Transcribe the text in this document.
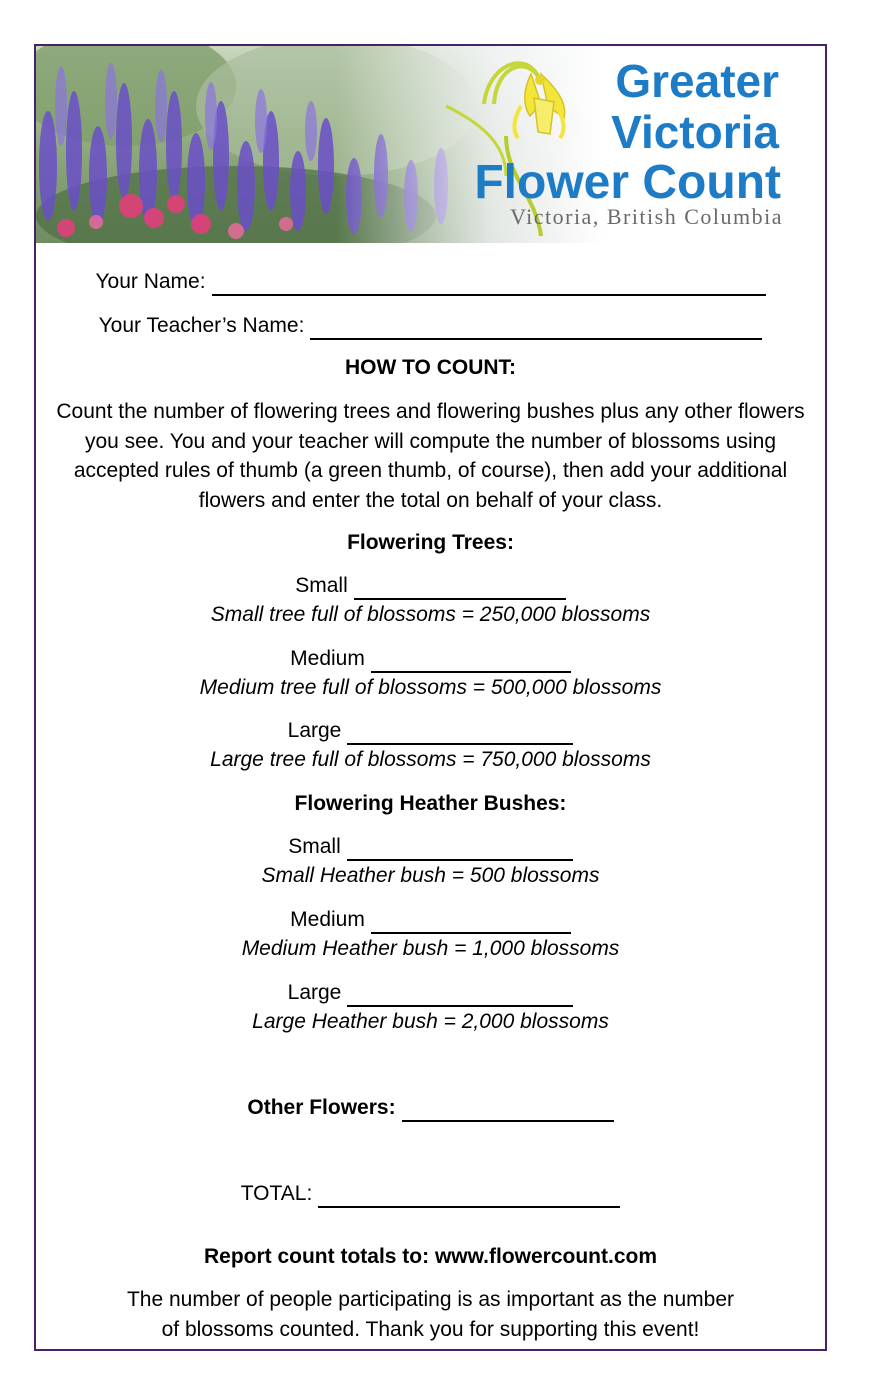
Greater
Victoria
Flower Count
Victoria, British Columbia
Your Name:
Your Teacher’s Name:
HOW TO COUNT:
Count the number of flowering trees and flowering bushes plus any other flowers you see. You and your teacher will compute the number of blossoms using accepted rules of thumb (a green thumb, of course), then add your additional flowers and enter the total on behalf of your class.
Flowering Trees:
Small
Small tree full of blossoms = 250,000 blossoms
Medium
Medium tree full of blossoms = 500,000 blossoms
Large
Large tree full of blossoms = 750,000 blossoms
Flowering Heather Bushes:
Small
Small Heather bush = 500 blossoms
Medium
Medium Heather bush = 1,000 blossoms
Large
Large Heather bush = 2,000 blossoms
Other Flowers:
TOTAL:
Report count totals to: www.flowercount.com
The number of people participating is as important as the number
of blossoms counted. Thank you for supporting this event!
